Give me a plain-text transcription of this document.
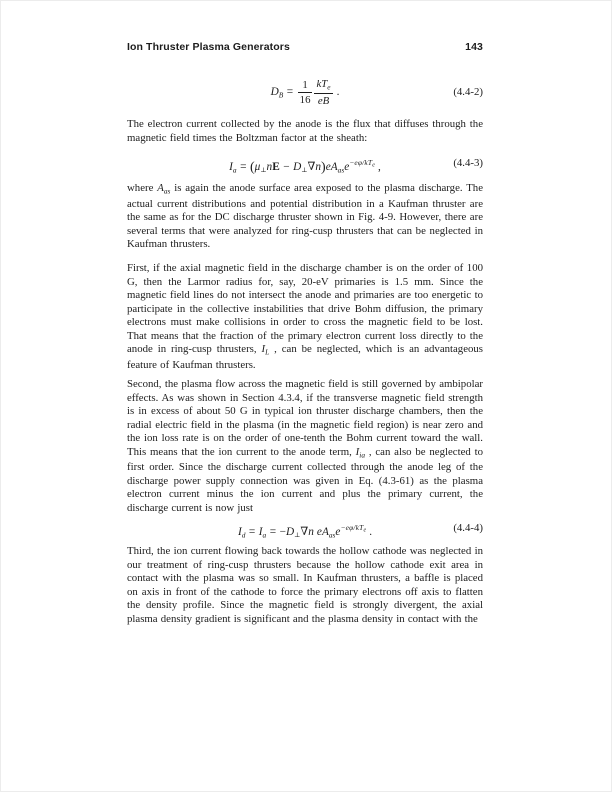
Ion Thruster Plasma Generators	143
$D_B = \frac{1}{16} \frac{kT_e}{eB}$ .	(4.4-2)

The electron current collected by the anode is the flux that diffuses through the magnetic field times the Boltzman factor at the sheath:

$I_a$ = (μ⊥nE − $D\perp\nabla n)eA_{as}e^{-e\varphi/kT_e}$ ,	(4.4-3)

where $A_{as}$ is again the anode surface area exposed to the plasma discharge. The actual current distributions and potential distribution in a Kaufman thruster are the same as for the DC discharge thruster shown in Fig. 4-9. However, there are several terms that were analyzed for ring-cusp thrusters that can be neglected in Kaufman thrusters.

First, if the axial magnetic field in the discharge chamber is on the order of 100 G, then the Larmor radius for, say, 20-eV primaries is 1.5 mm. Since the magnetic field lines do not intersect the anode and primaries are too energetic to participate in the collective instabilities that drive Bohm diffusion, the primary electrons must make collisions in order to cross the magnetic field to be lost. That means that the fraction of the primary electron current loss directly to the anode in ring-cusp thrusters, $I_L$ , can be neglected, which is an advantageous feature of Kaufman thrusters.

Second, the plasma flow across the magnetic field is still governed by ambipolar effects. As was shown in Section 4.3.4, if the transverse magnetic field strength is in excess of about 50 G in typical ion thruster discharge chambers, then the radial electric field in the plasma (in the magnetic field region) is near zero and the ion loss rate is on the order of one-tenth the Bohm current toward the wall. This means that the ion current to the anode term, $I_{ia}$ , can also be neglected to first order. Since the discharge current collected through the anode leg of the discharge power supply connection was given in Eq. (4.3-61) as the plasma electron current minus the ion current and plus the primary current, the discharge current is now just

$I_d = I_a$ = −D⊥∇n $eA_{as}e^{-e\varphi/kT_e}$ .	(4.4-4)

Third, the ion current flowing back towards the hollow cathode was neglected in our treatment of ring-cusp thrusters because the hollow cathode exit area in contact with the plasma was so small. In Kaufman thrusters, a baffle is placed on axis in front of the cathode to force the primary electrons off axis to flatten the density profile. Since the magnetic field is strongly divergent, the axial plasma density gradient is significant and the plasma density in contact with the
